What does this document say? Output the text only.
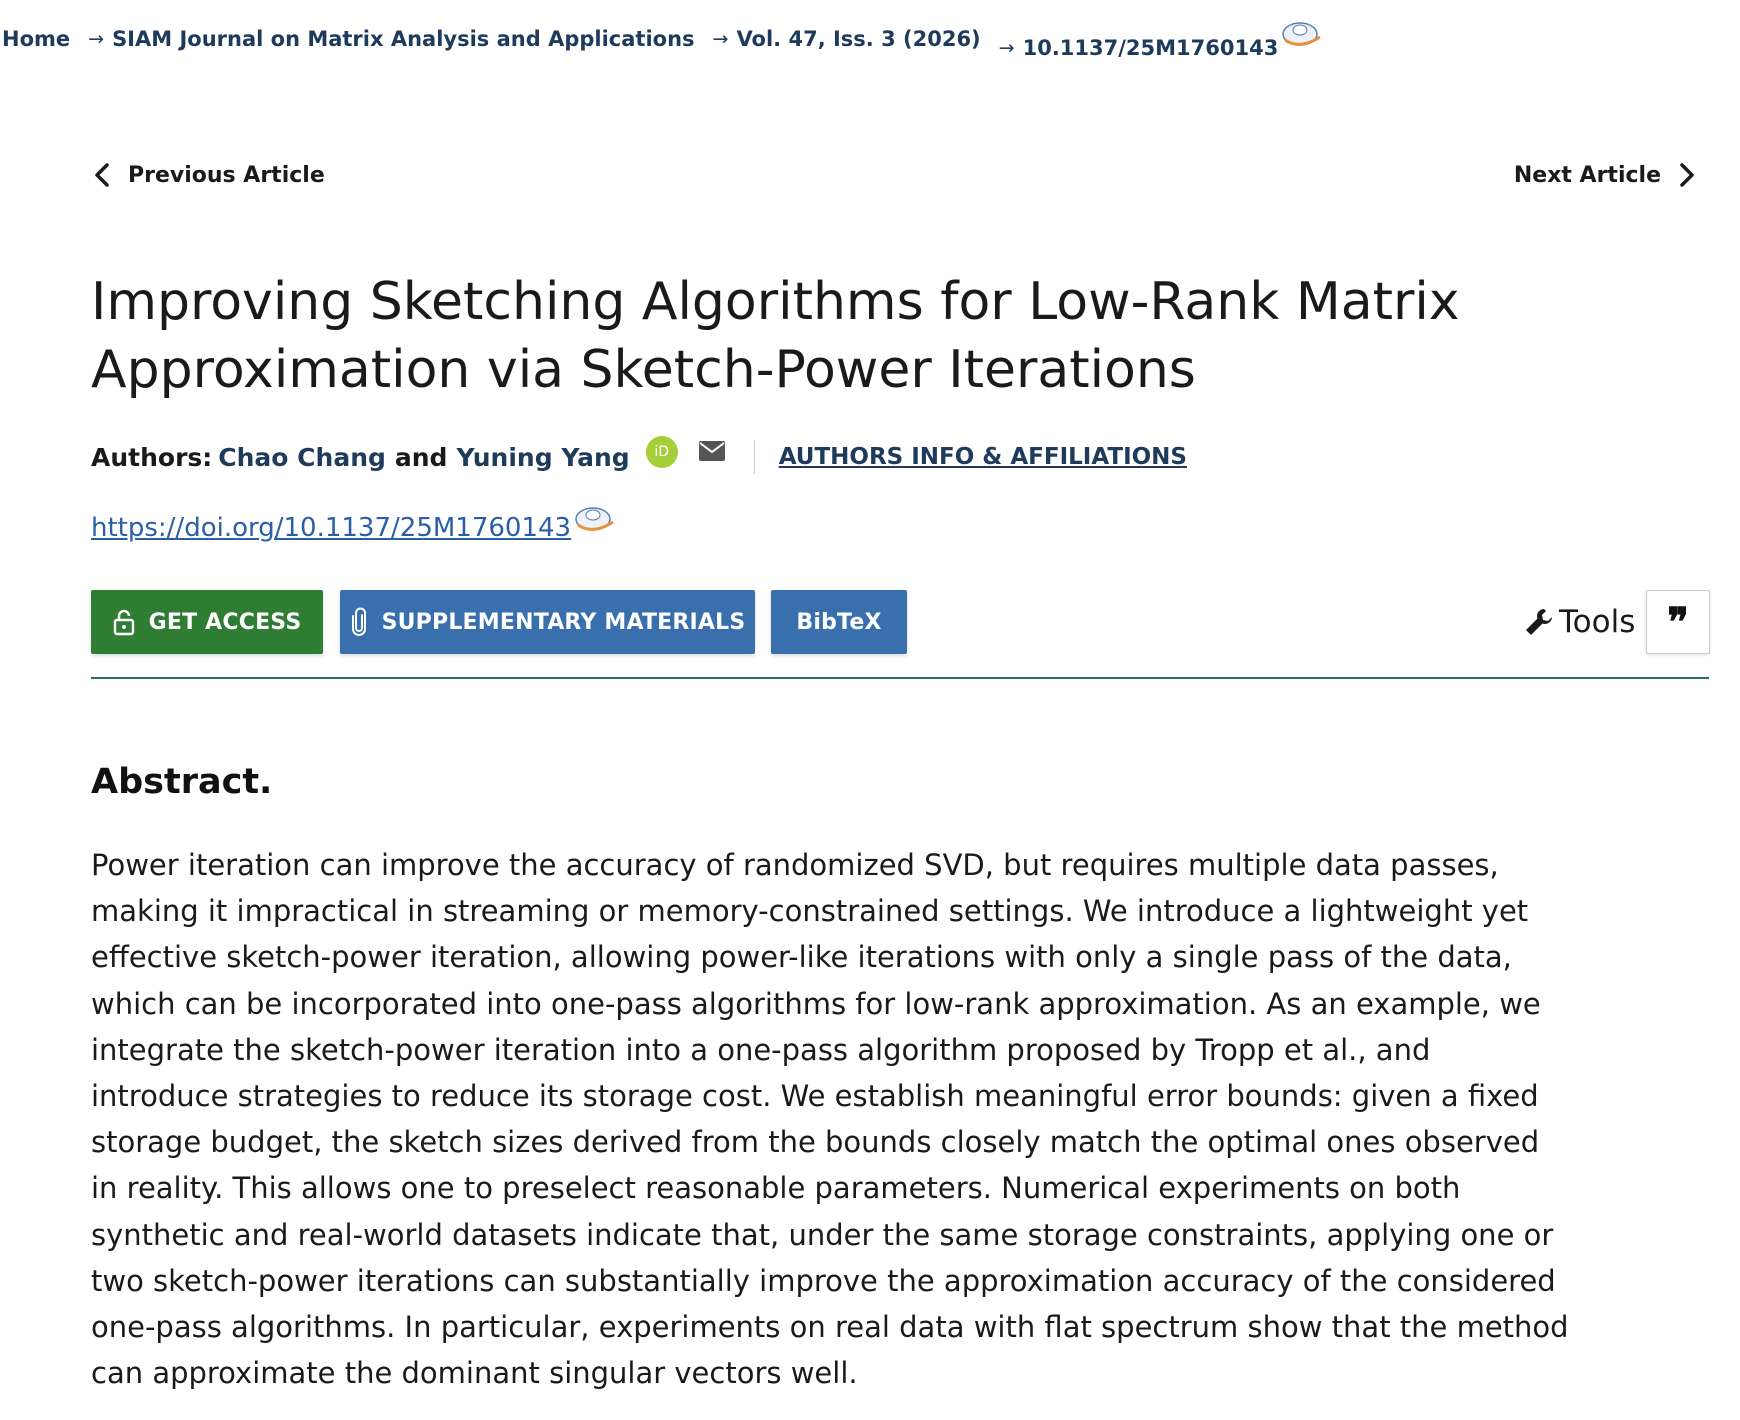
Home → SIAM Journal on Matrix Analysis and Applications → Vol. 47, Iss. 3 (2026) → 10.1137/25M1760143
Previous Article	Next Article
Improving Sketching Algorithms for Low-Rank Matrix Approximation via Sketch-Power Iterations
Authors: Chao Chang and Yuning Yang	iD	AUTHORS INFO & AFFILIATIONS
https://doi.org/10.1137/25M1760143
GET ACCESS	SUPPLEMENTARY MATERIALS BibTeX	Tools ❞
Abstract.

Power iteration can improve the accuracy of randomized SVD, but requires multiple data passes, making it impractical in streaming or memory-constrained settings. We introduce a lightweight yet effective sketch-power iteration, allowing power-like iterations with only a single pass of the data, which can be incorporated into one-pass algorithms for low-rank approximation. As an example, we integrate the sketch-power iteration into a one-pass algorithm proposed by Tropp et al., and introduce strategies to reduce its storage cost. We establish meaningful error bounds: given a fixed storage budget, the sketch sizes derived from the bounds closely match the optimal ones observed in reality. This allows one to preselect reasonable parameters. Numerical experiments on both synthetic and real-world datasets indicate that, under the same storage constraints, applying one or two sketch-power iterations can substantially improve the approximation accuracy of the considered one-pass algorithms. In particular, experiments on real data with flat spectrum show that the method can approximate the dominant singular vectors well.
